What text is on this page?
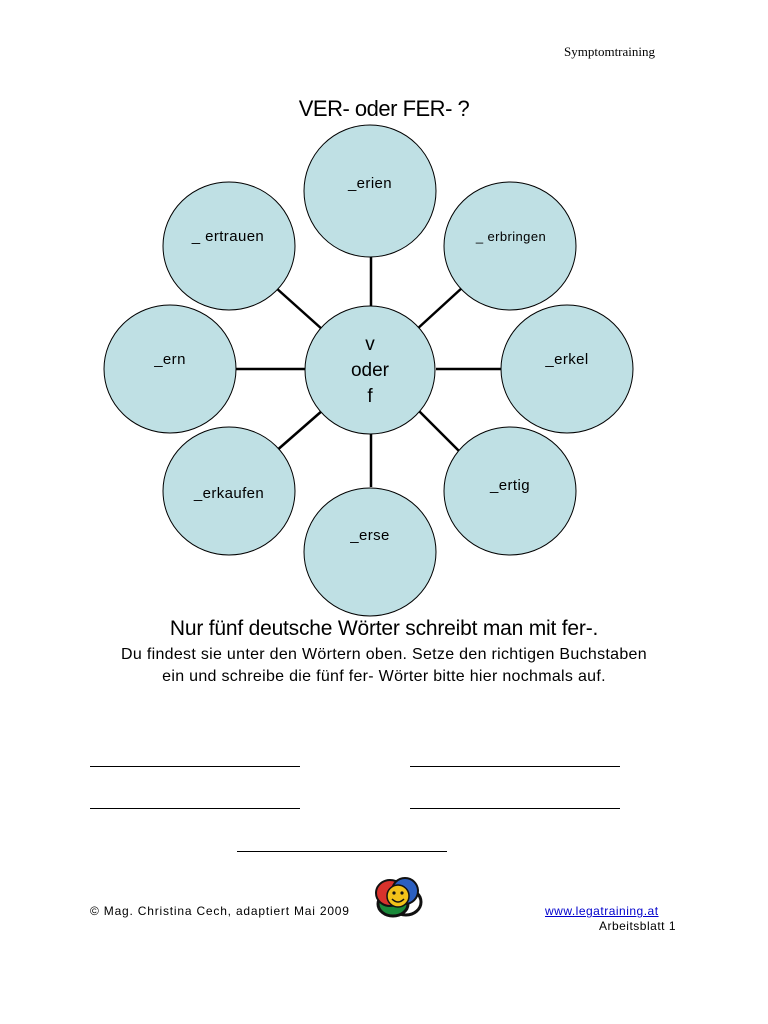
Symptomtraining
VER- oder FER- ?
_erien
_ erbringen
_erkel
_ertig
_erse
_erkaufen
_ern
_ ertrauen
v
oder
f
Nur fünf deutsche Wörter schreibt man mit fer-.
Du findest sie unter den Wörtern oben. Setze den richtigen Buchstaben ein und schreibe die fünf fer- Wörter bitte hier nochmals auf.
© Mag. Christina Cech, adaptiert Mai 2009	www.legatraining.at
Arbeitsblatt 1
